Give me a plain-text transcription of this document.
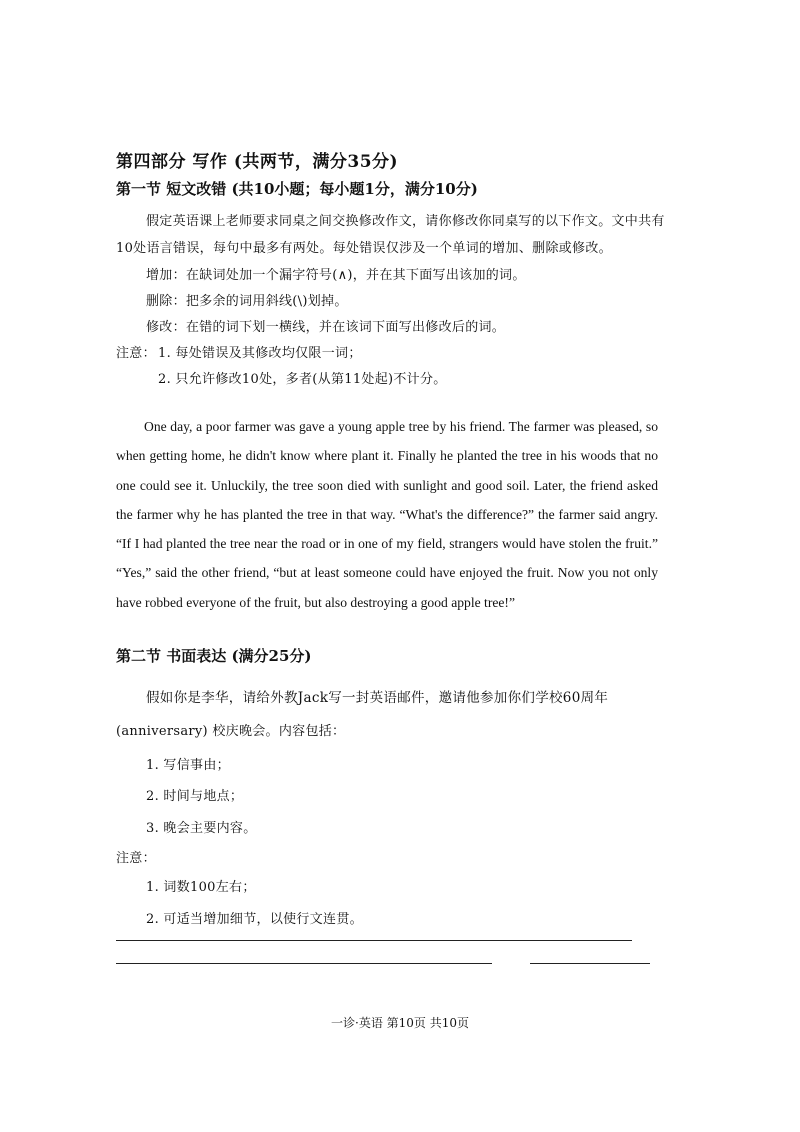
第四部分 写作 (共两节，满分35分)
第一节 短文改错 (共10小题；每小题1分，满分10分)
假定英语课上老师要求同桌之间交换修改作文，请你修改你同桌写的以下作文。文中共有
10处语言错误，每句中最多有两处。每处错误仅涉及一个单词的增加、删除或修改。
增加：在缺词处加一个漏字符号(∧)，并在其下面写出该加的词。
删除：把多余的词用斜线(\)划掉。
修改：在错的词下划一横线，并在该词下面写出修改后的词。
注意： 1. 每处错误及其修改均仅限一词；
2. 只允许修改10处，多者(从第11处起)不计分。

One day, a poor farmer was gave a young apple tree by his friend. The farmer was pleased, so when getting home, he didn't know where plant it. Finally he planted the tree in his woods that no one could see it. Unluckily, the tree soon died with sunlight and good soil. Later, the friend asked the farmer why he has planted the tree in that way. “What's the difference?” the farmer said angry. “If I had planted the tree near the road or in one of my field, strangers would have stolen the fruit.” “Yes,” said the other friend, “but at least someone could have enjoyed the fruit. Now you not only have robbed everyone of the fruit, but also destroying a good apple tree!”

第二节 书面表达 (满分25分)
假如你是李华，请给外教Jack写一封英语邮件，邀请他参加你们学校60周年
(anniversary) 校庆晚会。内容包括：
1. 写信事由；
2. 时间与地点；
3. 晚会主要内容。
注意：
1. 词数100左右；
2. 可适当增加细节，以使行文连贯。
一诊·英语 第10页 共10页
